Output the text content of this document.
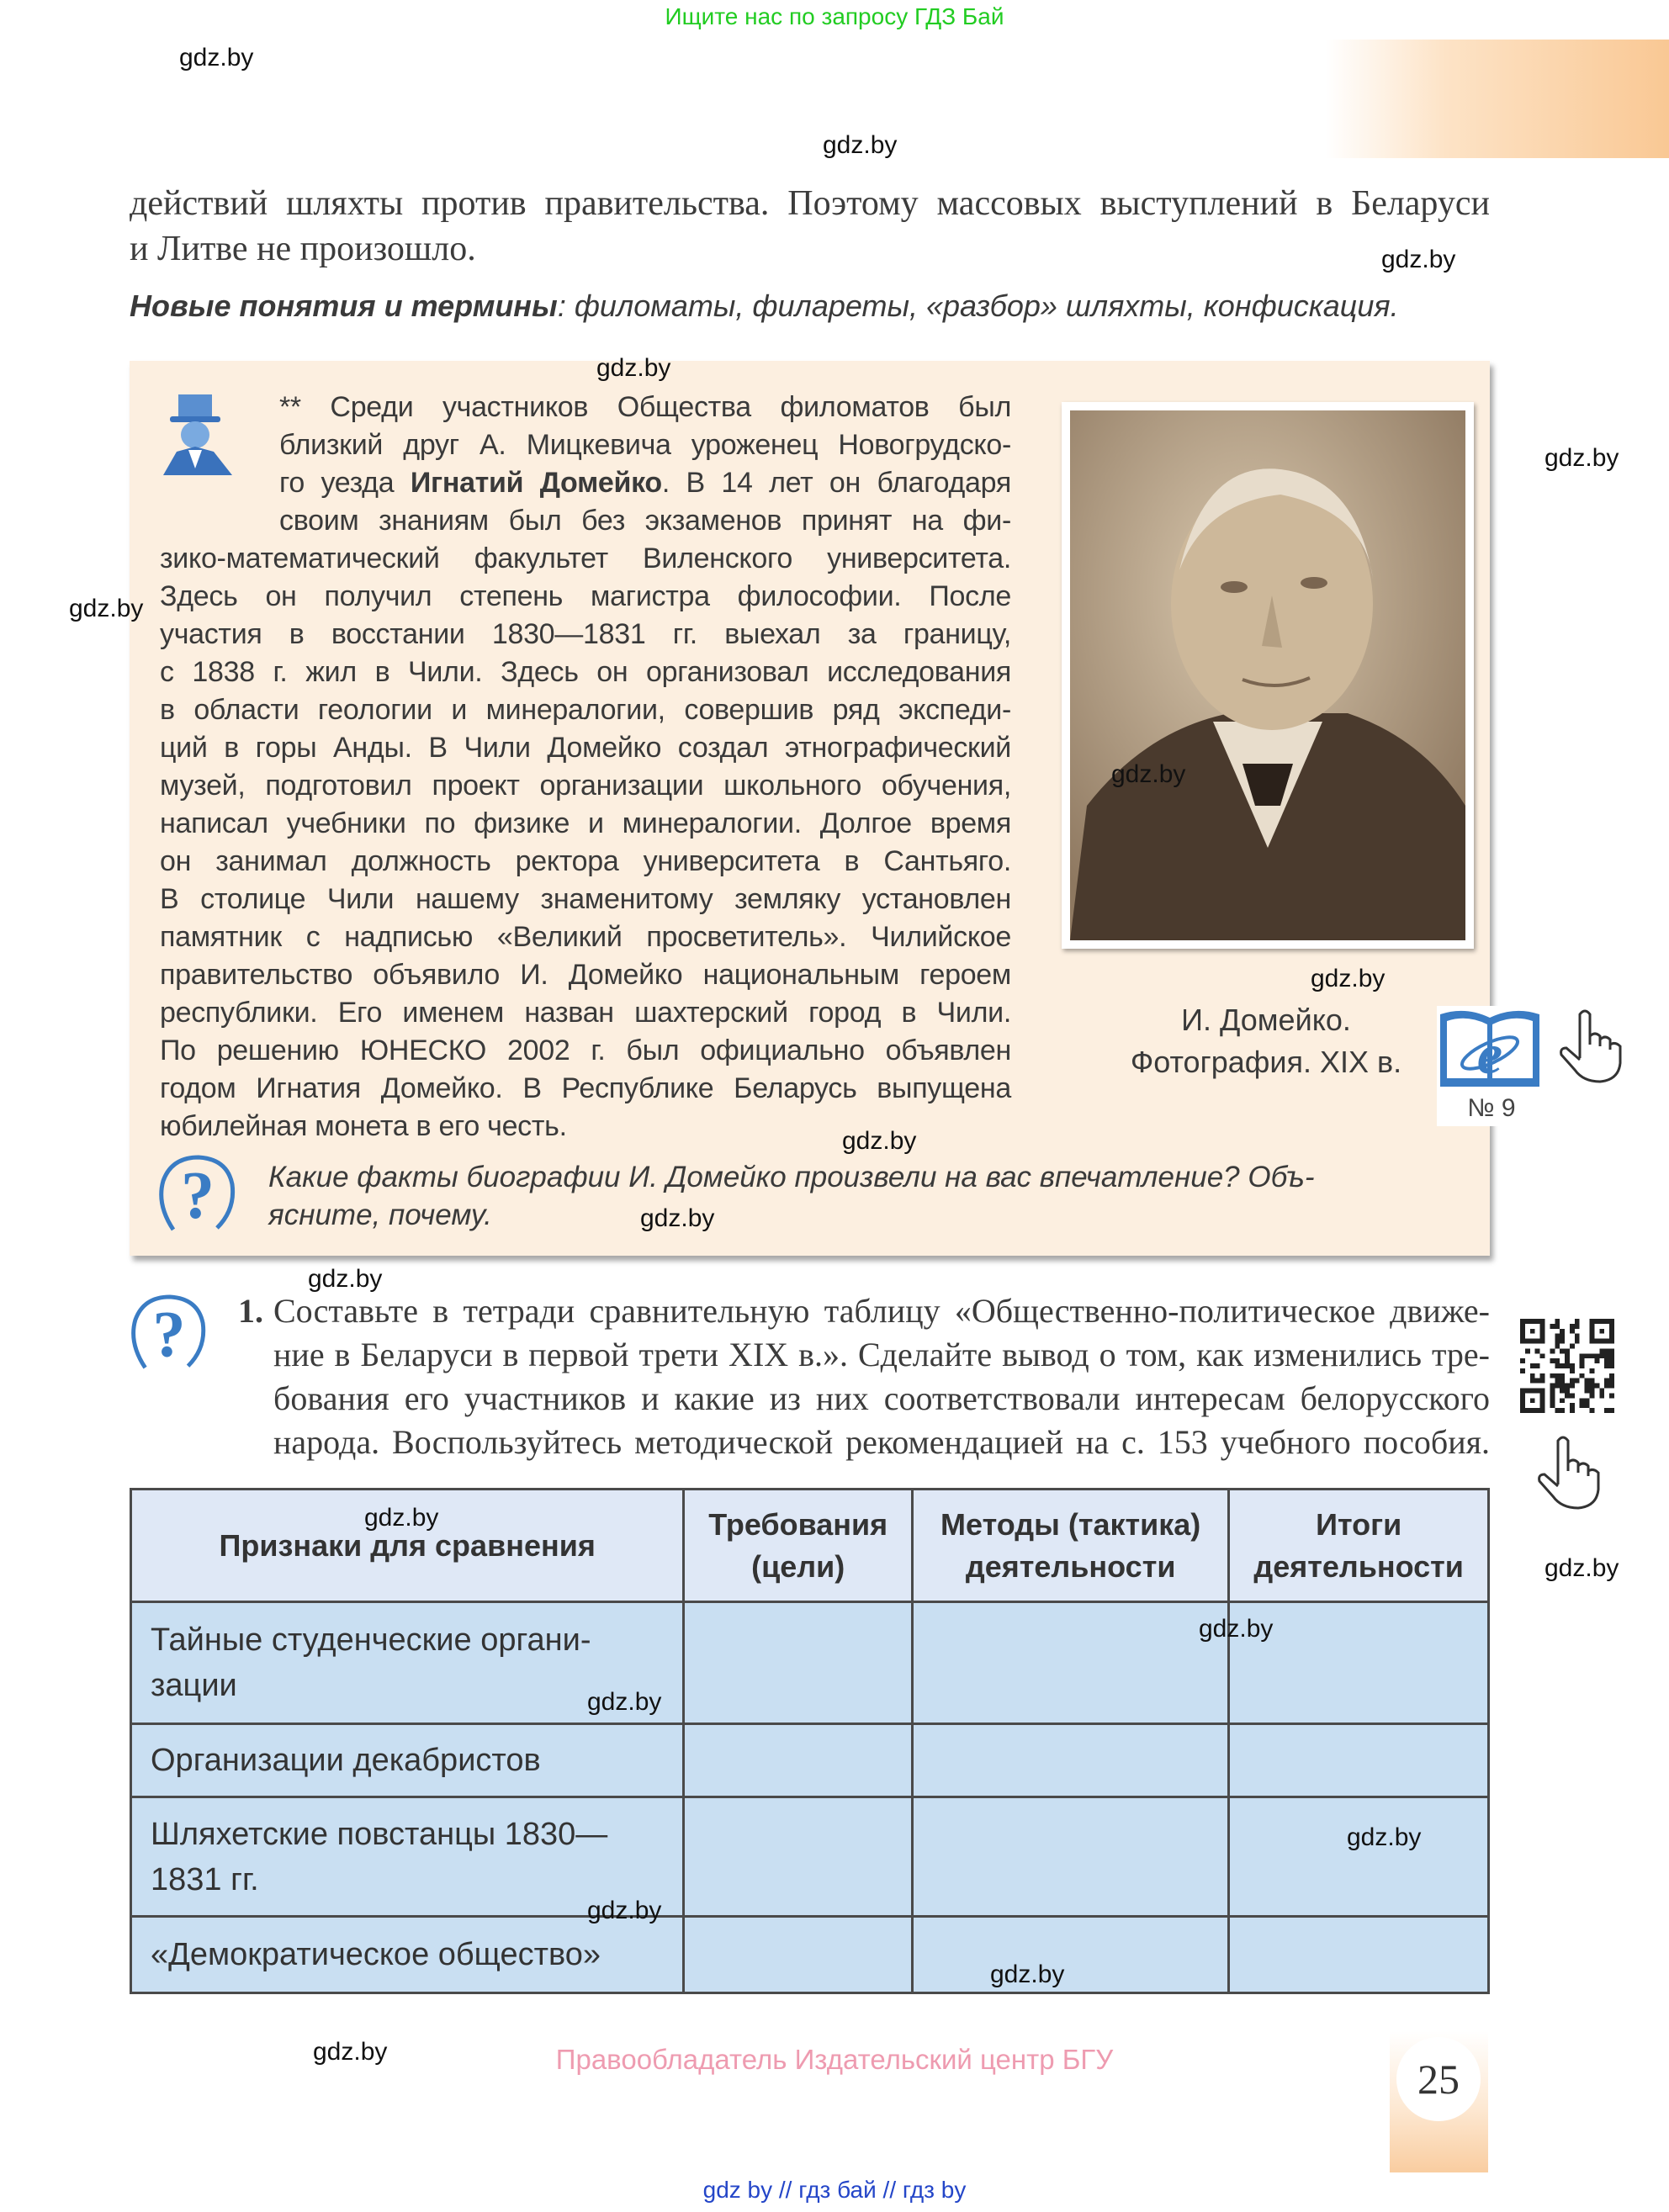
Ищите нас по запросу ГДЗ Бай
действий шляхты против правительства. Поэтому массовых выступлений в Беларуси
и Литве не произошло.
Новые понятия и термины: филоматы, филареты, «разбор» шляхты, конфискация.
** Среди участников Общества филоматов был
близкий друг А. Мицкевича уроженец Новогрудско-
го уезда Игнатий Домейко. В 14 лет он благодаря
своим знаниям был без экзаменов принят на фи-
зико-математический факультет Виленского университета.
Здесь он получил степень магистра философии. После
участия в восстании 1830—1831 гг. выехал за границу,
с 1838 г. жил в Чили. Здесь он организовал исследования
в области геологии и минералогии, совершив ряд экспеди-
ций в горы Анды. В Чили Домейко создал этнографический
музей, подготовил проект организации школьного обучения,
написал учебники по физике и минералогии. Долгое время
он занимал должность ректора университета в Сантьяго.
В столице Чили нашему знаменитому земляку установлен
памятник с надписью «Великий просветитель». Чилийское
правительство объявило И. Домейко национальным героем
республики. Его именем назван шахтерский город в Чили.
По решению ЮНЕСКО 2002 г. был официально объявлен
годом Игнатия Домейко. В Республике Беларусь выпущена
юбилейная монета в его честь.
И. Домейко.
Фотография. XIX в.	e
№ 9
? Какие факты биографии И. Домейко произвели на вас впечатление? Объ-
ясните, почему.
? 1. Составьте в тетради сравнительную таблицу «Общественно-политическое движе-
ние в Беларуси в первой трети XIX в.». Сделайте вывод о том, как изменились тре-
бования его участников и какие из них соответствовали интересам белорусского
народа. Воспользуйтесь методической рекомендацией на с. 153 учебного пособия.
Признаки для сравнения	Требования (цели)	Методы (тактика) деятельности	Итоги деятельности
Тайные студенческие органи-зации			
Организации декабристов			
Шляхетские повстанцы 1830—1831 гг.			
«Демократическое общество»			
Правообладатель Издательский центр БГУ	25
gdz by // гдз бай // гдз by
gdz.by
gdz.by
gdz.by
gdz.by
gdz.by
gdz.by
gdz.by
gdz.by
gdz.by
gdz.by
gdz.by
gdz.by
gdz.by
gdz.by
gdz.by
gdz.by
gdz.by
gdz.by
gdz.by
